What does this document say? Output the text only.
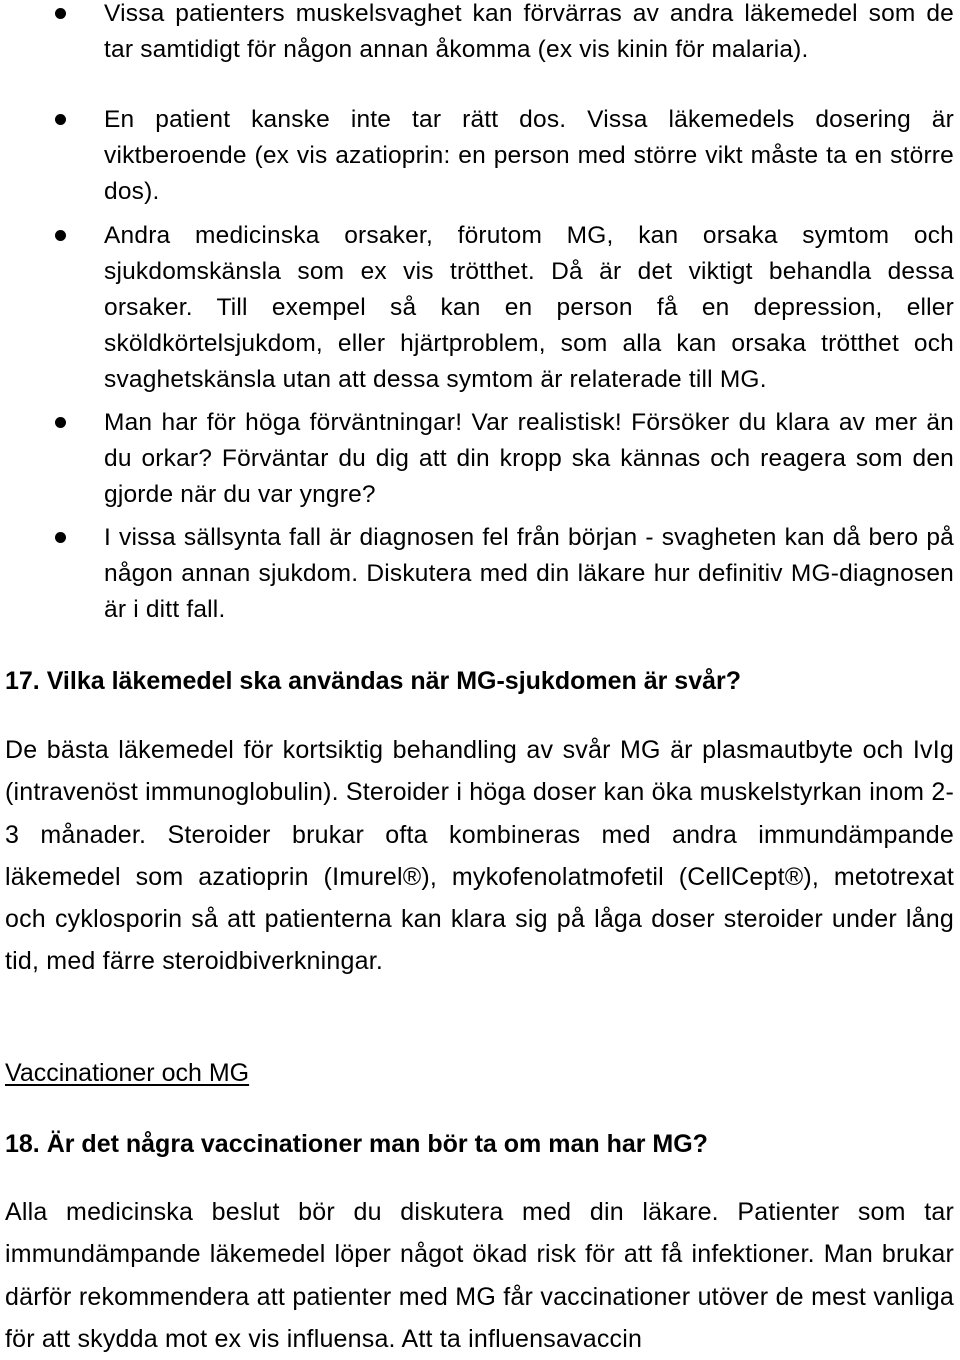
Vissa patienters muskelsvaghet kan förvärras av andra läkemedel som de tar samtidigt för någon annan åkomma (ex vis kinin för malaria).
En patient kanske inte tar rätt dos. Vissa läkemedels dosering är viktberoende (ex vis azatioprin: en person med större vikt måste ta en större dos).
Andra medicinska orsaker, förutom MG, kan orsaka symtom och sjukdomskänsla som ex vis trötthet. Då är det viktigt behandla dessa orsaker. Till exempel så kan en person få en depression, eller sköldkörtelsjukdom, eller hjärtproblem, som alla kan orsaka trötthet och svaghetskänsla utan att dessa symtom är relaterade till MG.
Man har för höga förväntningar! Var realistisk! Försöker du klara av mer än du orkar? Förväntar du dig att din kropp ska kännas och reagera som den gjorde när du var yngre?
I vissa sällsynta fall är diagnosen fel från början - svagheten kan då bero på någon annan sjukdom. Diskutera med din läkare hur definitiv MG-diagnosen är i ditt fall.
17. Vilka läkemedel ska användas när MG-sjukdomen är svår?

De bästa läkemedel för kortsiktig behandling av svår MG är plasmautbyte och IvIg (intravenöst immunoglobulin). Steroider i höga doser kan öka muskelstyrkan inom 2-3 månader. Steroider brukar ofta kombineras med andra immundämpande läkemedel som azatioprin (Imurel®), mykofenolatmofetil (CellCept®), metotrexat och cyklosporin så att patienterna kan klara sig på låga doser steroider under lång tid, med färre steroidbiverkningar.

Vaccinationer och MG
18. Är det några vaccinationer man bör ta om man har MG?

Alla medicinska beslut bör du diskutera med din läkare. Patienter som tar immundämpande läkemedel löper något ökad risk för att få infektioner. Man brukar därför rekommendera att patienter med MG får vaccinationer utöver de mest vanliga för att skydda mot ex vis influensa. Att ta influensavaccin
